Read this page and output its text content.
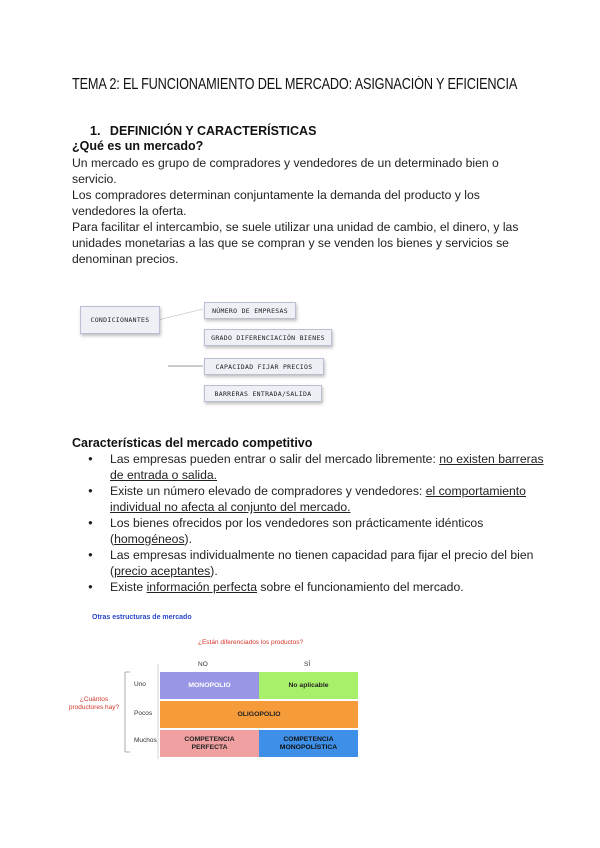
TEMA 2: EL FUNCIONAMIENTO DEL MERCADO: ASIGNACIÓN Y EFICIENCIA
1. DEFINICIÓN Y CARACTERÍSTICAS
¿Qué es un mercado?
Un mercado es grupo de compradores y vendedores de un determinado bien o servicio.
Los compradores determinan conjuntamente la demanda del producto y los vendedores la oferta.
Para facilitar el intercambio, se suele utilizar una unidad de cambio, el dinero, y las unidades monetarias a las que se compran y se venden los bienes y servicios se denominan precios.
CONDICIONANTES
NÚMERO DE EMPRESAS
GRADO DIFERENCIACIÓN BIENES
CAPACIDAD FIJAR PRECIOS
BARRERAS ENTRADA/SALIDA
Características del mercado competitivo
● Las empresas pueden entrar o salir del mercado libremente: no existen barreras de entrada o salida.
● Existe un número elevado de compradores y vendedores: el comportamiento individual no afecta al conjunto del mercado.
● Los bienes ofrecidos por los vendedores son prácticamente idénticos (homogéneos).
● Las empresas individualmente no tienen capacidad para fijar el precio del bien (precio aceptantes).
● Existe información perfecta sobre el funcionamiento del mercado.
Otras estructuras de mercado
¿Están diferenciados los productos?
¿Cuántos productores hay?
NO	SÍ
Uno
Pocos
Muchos
MONOPOLIO	No aplicable
OLIGOPOLIO
COMPETENCIA PERFECTA
COMPETENCIA MONOPOLÍSTICA
